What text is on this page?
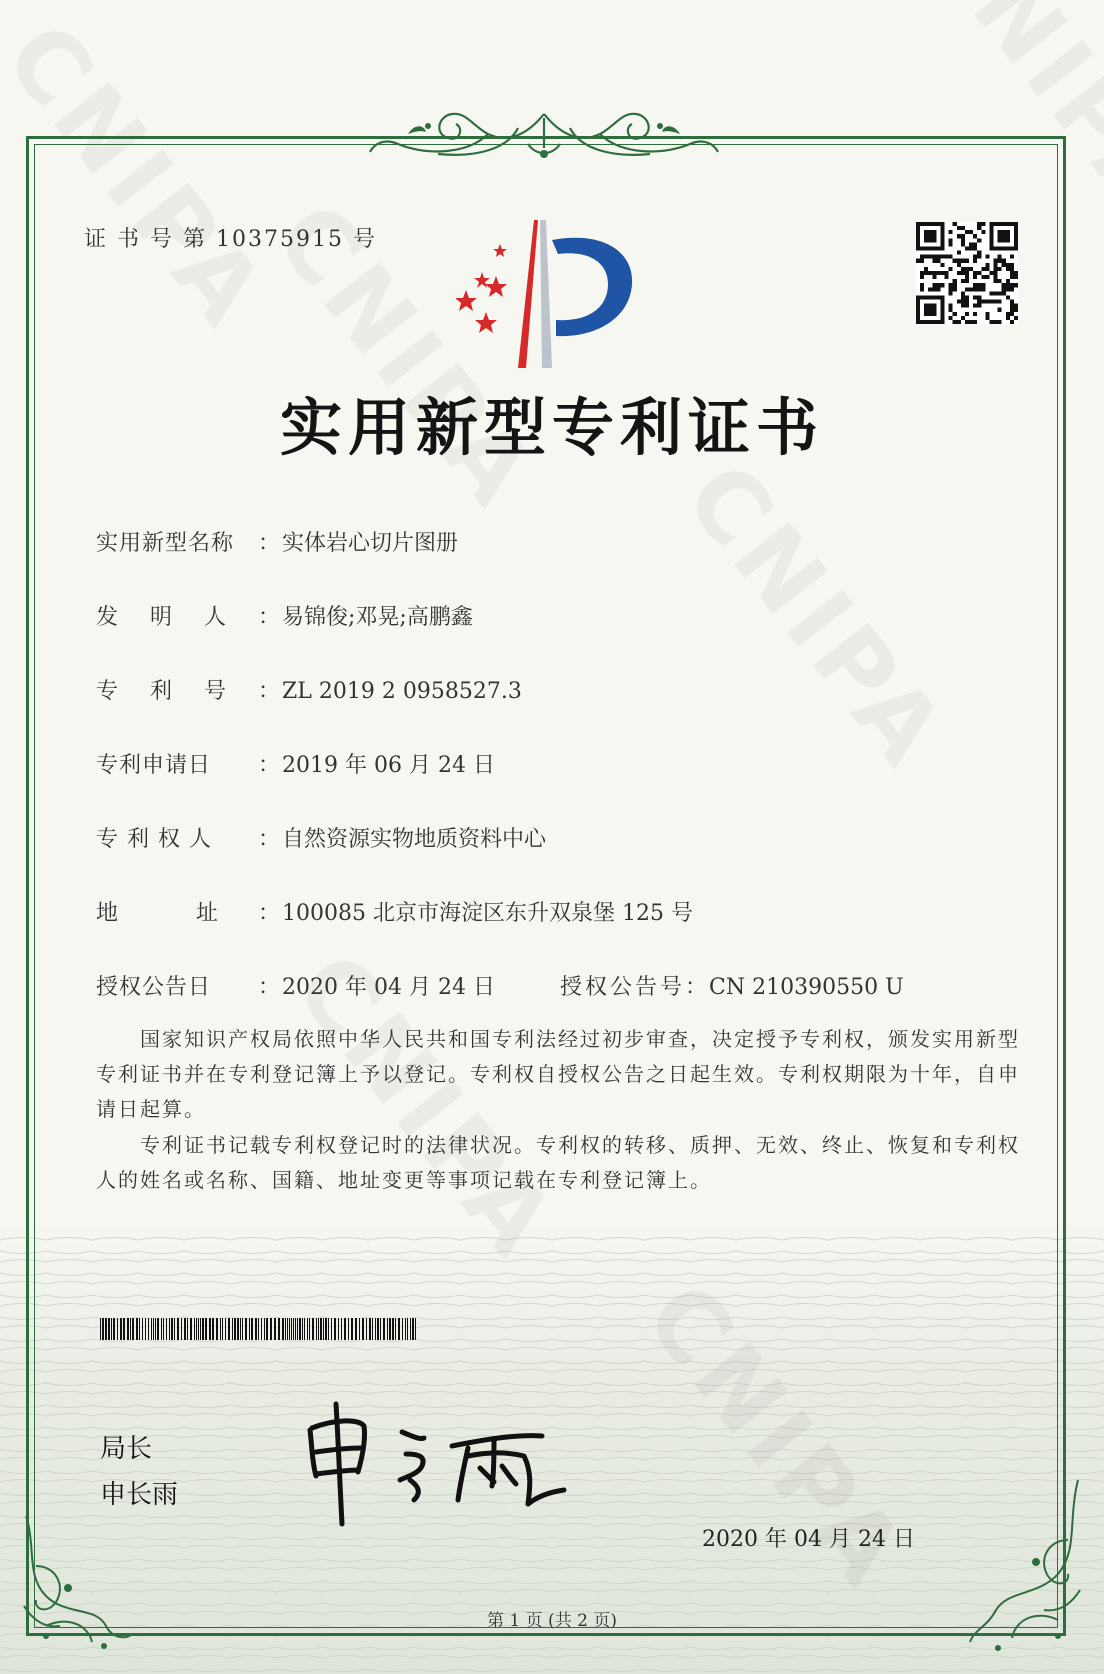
证 书 号 第 10375915 号
实用新型专利证书
实用新型名称 ：实体岩心切片图册
发　 明　 人 ：易锦俊;邓晃;高鹏鑫
专　 利　 号 ：ZL 2019 2 0958527.3
专利申请日 ：2019 年 06 月 24 日
专 利 权 人 ：自然资源实物地质资料中心
地　　　 址 ：100085 北京市海淀区东升双泉堡 125 号
授权公告日 ：2020 年 04 月 24 日	授权公告号：CN 210390550 U
国家知识产权局依照中华人民共和国专利法经过初步审查，决定授予专利权，颁发实用新型专利证书并在专利登记簿上予以登记。专利权自授权公告之日起生效。专利权期限为十年，自申请日起算。
专利证书记载专利权登记时的法律状况。专利权的转移、质押、无效、终止、恢复和专利权人的姓名或名称、国籍、地址变更等事项记载在专利登记簿上。
局长
申长雨
2020 年 04 月 24 日
第 1 页 (共 2 页)
